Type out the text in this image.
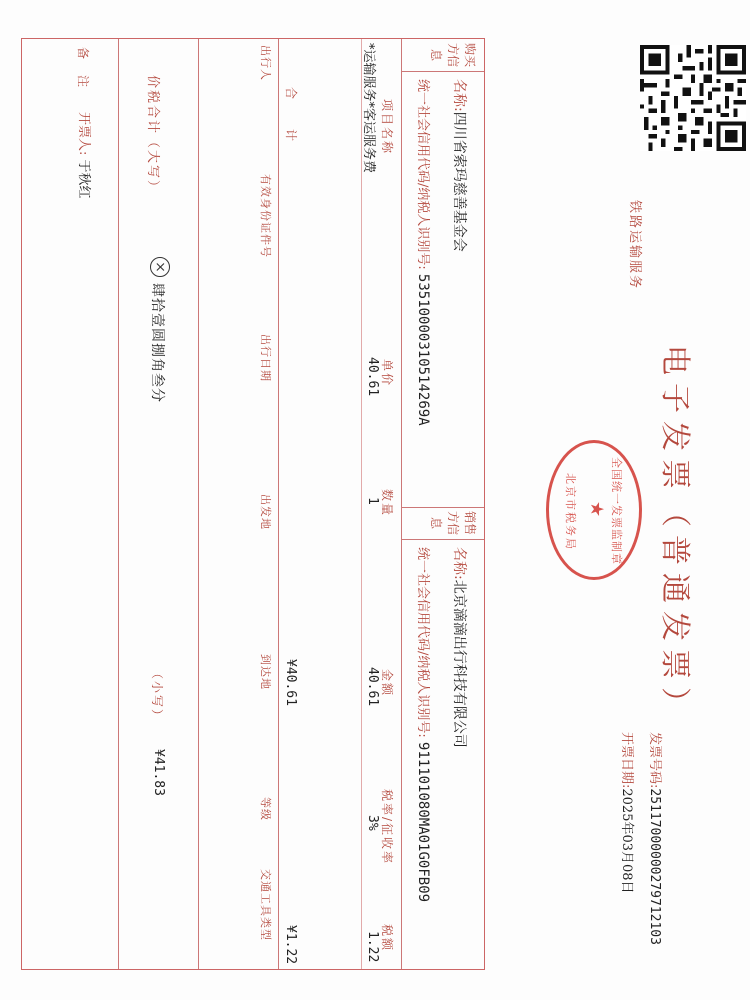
铁路运输服务
电子发票（普通发票）
发票号码:25117000000279712103
开票日期:2025年03月08日
全国统一发票监制章
★
北京市税务局
购买方信息
名称:四川省索玛慈善基金会
统一社会信用代码/纳税人识别号: 53510000310514269A
销售方信息
名称:北京滴滴出行科技有限公司
统一社会信用代码/纳税人识别号: 911101080MA01G0FB09
项目名称
单价
数量
金额
税率/征收率
税额
*运输服务*客运服务费
40.61
1
40.61
3%
1.22
合计
¥40.61
¥1.22
出行人
有效身份证件号
出行日期
出发地
到达地
等级
交通工具类型
价税合计（大写）
×
肆拾壹圆捌角叁分
（小写）
¥41.83
备注
开票人: 于秋红
